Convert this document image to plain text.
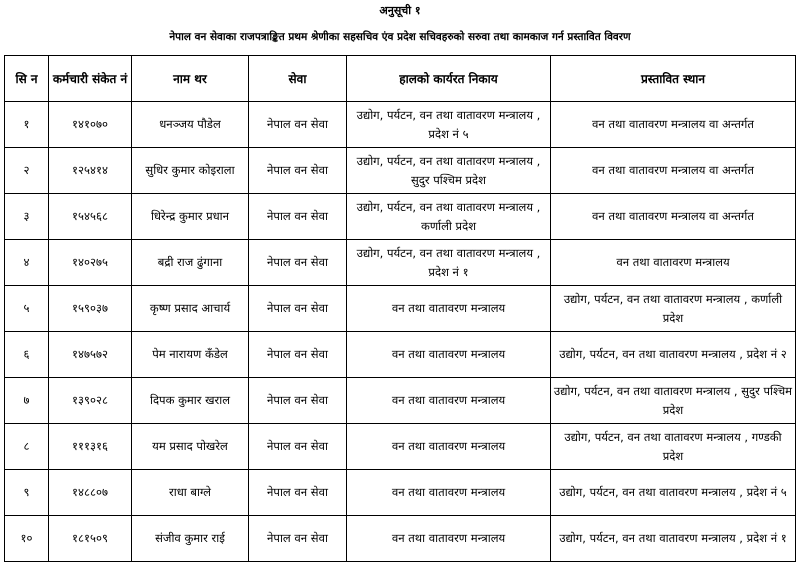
अनुसूची १
नेपाल वन सेवाका राजपत्राङ्कित प्रथम श्रेणीका सहसचिव एंव प्रदेश सचिवहरुको सरुवा तथा कामकाज गर्न प्रस्तावित विवरण
सि न	कर्मचारी संकेत नं	नाम थर	सेवा	हालको कार्यरत निकाय	प्रस्तावित स्थान
१	१४१०७०	धनञ्जय पौडेल	नेपाल वन सेवा	उद्योग, पर्यटन, वन तथा वातावरण मन्त्रालय , प्रदेश नं ५	वन तथा वातावरण मन्त्रालय वा अन्तर्गत
२	१२५४१४	सुधिर कुमार कोइराला	नेपाल वन सेवा	उद्योग, पर्यटन, वन तथा वातावरण मन्त्रालय , सुदुर पश्चिम प्रदेश	वन तथा वातावरण मन्त्रालय वा अन्तर्गत
३	१५४५६८	धिरेन्द्र कुमार प्रधान	नेपाल वन सेवा	उद्योग, पर्यटन, वन तथा वातावरण मन्त्रालय , कर्णाली प्रदेश	वन तथा वातावरण मन्त्रालय वा अन्तर्गत
४	१४०२७५	बद्री राज ढुंगाना	नेपाल वन सेवा	उद्योग, पर्यटन, वन तथा वातावरण मन्त्रालय , प्रदेश नं १	वन तथा वातावरण मन्त्रालय
५	१५९०३७	कृष्ण प्रसाद आचार्य	नेपाल वन सेवा	वन तथा वातावरण मन्त्रालय	उद्योग, पर्यटन, वन तथा वातावरण मन्त्रालय , कर्णाली प्रदेश
६	१४७५७२	पेम नारायण कँडेल	नेपाल वन सेवा	वन तथा वातावरण मन्त्रालय	उद्योग, पर्यटन, वन तथा वातावरण मन्त्रालय , प्रदेश नं २
७	१३९०२८	दिपक कुमार खराल	नेपाल वन सेवा	वन तथा वातावरण मन्त्रालय	उद्योग, पर्यटन, वन तथा वातावरण मन्त्रालय , सुदुर पश्चिम प्रदेश
८	१११३१६	यम प्रसाद पोखरेल	नेपाल वन सेवा	वन तथा वातावरण मन्त्रालय	उद्योग, पर्यटन, वन तथा वातावरण मन्त्रालय , गण्डकी प्रदेश
९	१४८८०७	राधा बाग्ले	नेपाल वन सेवा	वन तथा वातावरण मन्त्रालय	उद्योग, पर्यटन, वन तथा वातावरण मन्त्रालय , प्रदेश नं ५
१०	१८१५०९	संजीव कुमार राई	नेपाल वन सेवा	वन तथा वातावरण मन्त्रालय	उद्योग, पर्यटन, वन तथा वातावरण मन्त्रालय , प्रदेश नं १
